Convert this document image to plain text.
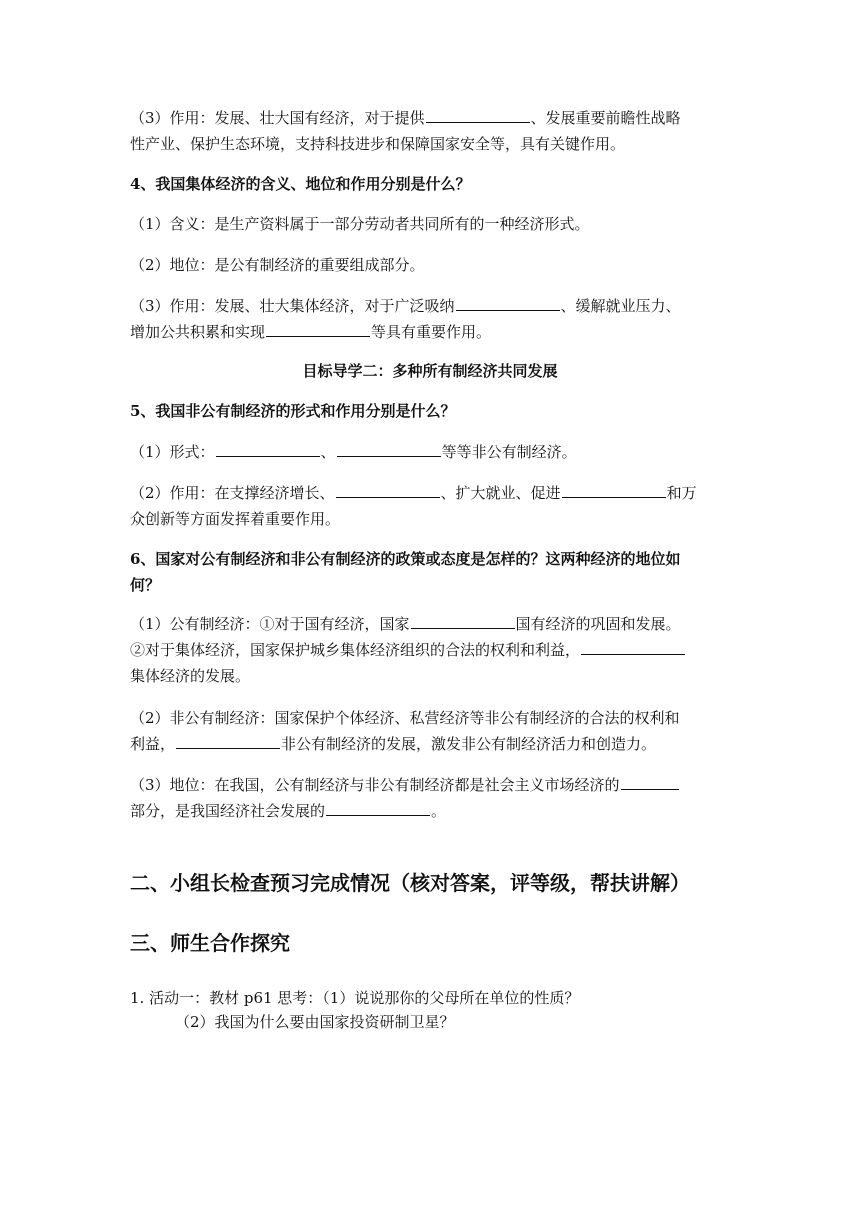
（3）作用：发展、壮大国有经济，对于提供	、发展重要前瞻性战略
性产业、保护生态环境，支持科技进步和保障国家安全等，具有关键作用。
4、我国集体经济的含义、地位和作用分别是什么？
（1）含义：是生产资料属于一部分劳动者共同所有的一种经济形式。
（2）地位：是公有制经济的重要组成部分。
（3）作用：发展、壮大集体经济，对于广泛吸纳	、缓解就业压力、
增加公共积累和实现	等具有重要作用。
目标导学二：多种所有制经济共同发展
5、我国非公有制经济的形式和作用分别是什么？
（1）形式：	、	等等非公有制经济。
（2）作用：在支撑经济增长、	、扩大就业、促进	和万
众创新等方面发挥着重要作用。
6、国家对公有制经济和非公有制经济的政策或态度是怎样的？这两种经济的地位如
何？
（1）公有制经济：①对于国有经济，国家	国有经济的巩固和发展。
②对于集体经济，国家保护城乡集体经济组织的合法的权利和利益，
集体经济的发展。
（2）非公有制经济：国家保护个体经济、私营经济等非公有制经济的合法的权利和
利益，	非公有制经济的发展，激发非公有制经济活力和创造力。
（3）地位：在我国，公有制经济与非公有制经济都是社会主义市场经济的
部分，是我国经济社会发展的	。
二、小组长检查预习完成情况（核对答案，评等级，帮扶讲解）
三、师生合作探究
1. 活动一：教材 p61 思考：（1）说说那你的父母所在单位的性质？
（2）我国为什么要由国家投资研制卫星？
